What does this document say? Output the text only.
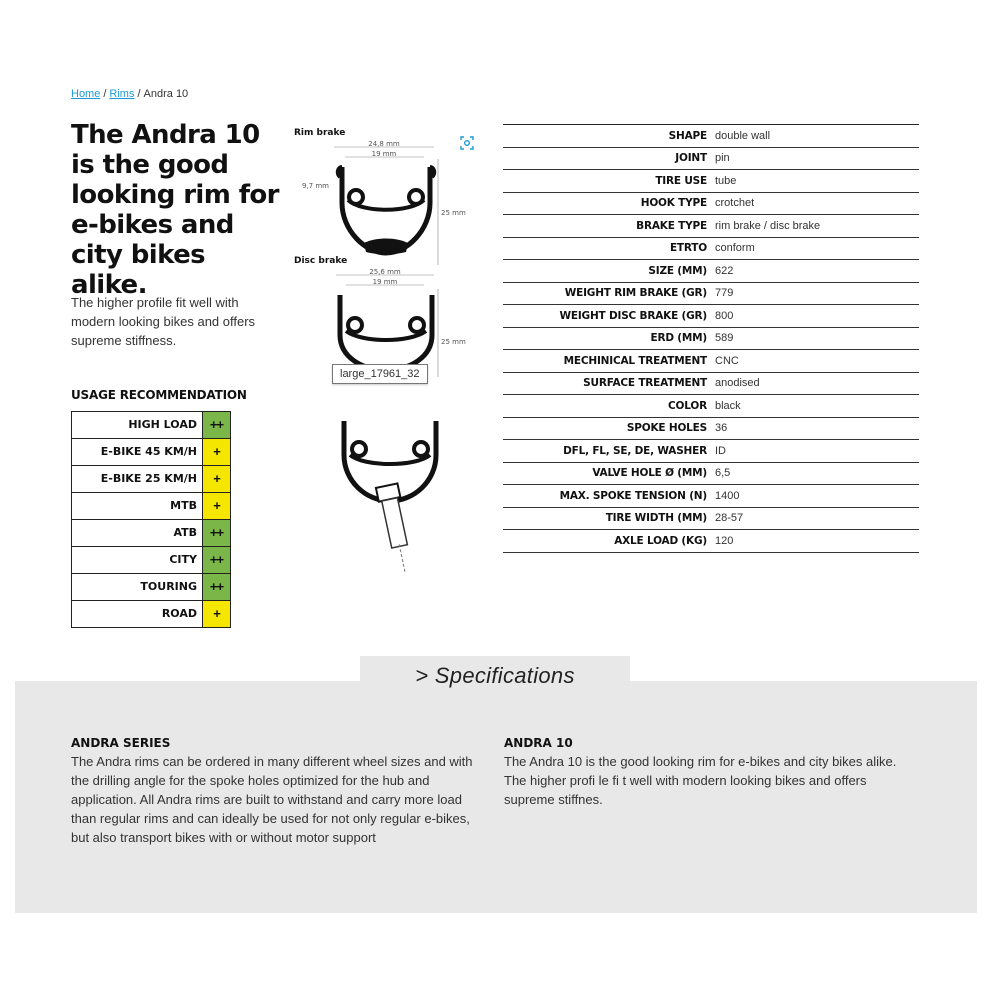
Home / Rims / Andra 10
The Andra 10 is the good looking rim for e-bikes and city bikes alike.

The higher profile fit well with modern looking bikes and offers supreme stiffness.

USAGE RECOMMENDATION
HIGH LOAD ++
E-BIKE 45 KM/H	+
E-BIKE 25 KM/H	+
MTB	+
ATB ++
CITY ++
TOURING ++
ROAD	+
Rim brake
Disc brake
24,8 mm
19 mm
9,7 mm
25 mm
25,6 mm
19 mm
25 mm
large_17961_32
SHAPE double wall
JOINT pin
TIRE USE tube
HOOK TYPE crotchet
BRAKE TYPE rim brake / disc brake
ETRTO conform
SIZE (MM) 622
WEIGHT RIM BRAKE (GR) 779
WEIGHT DISC BRAKE (GR) 800
ERD (MM) 589
MECHINICAL TREATMENT CNC
SURFACE TREATMENT anodised
COLOR black
SPOKE HOLES 36
DFL, FL, SE, DE, WASHER ID
VALVE HOLE Ø (MM) 6,5
MAX. SPOKE TENSION (N) 1400
TIRE WIDTH (MM) 28-57
AXLE LOAD (KG) 120
> Specifications
ANDRA SERIES

The Andra rims can be ordered in many different wheel sizes and with the drilling angle for the spoke holes optimized for the hub and application. All Andra rims are built to withstand and carry more load than regular rims and can ideally be used for not only regular e-bikes, but also transport bikes with or without motor support

ANDRA 10

The Andra 10 is the good looking rim for e-bikes and city bikes alike. The higher profi le fi t well with modern looking bikes and offers supreme stiffnes.
